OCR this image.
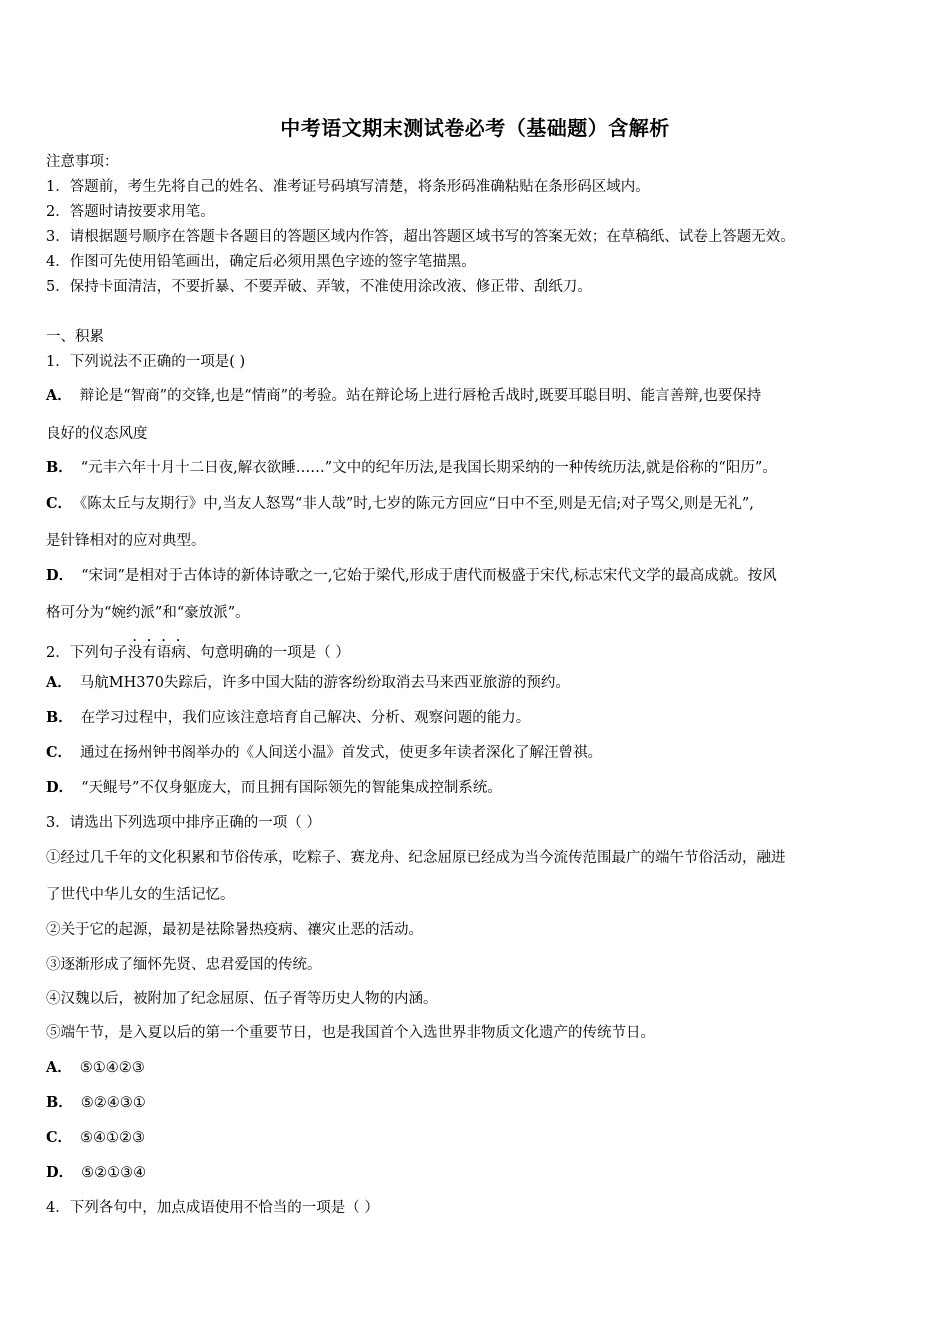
中考语文期末测试卷必考（基础题）含解析
注意事项：
1．答题前，考生先将自己的姓名、准考证号码填写清楚，将条形码准确粘贴在条形码区域内。
2．答题时请按要求用笔。
3．请根据题号顺序在答题卡各题目的答题区域内作答，超出答题区域书写的答案无效；在草稿纸、试卷上答题无效。
4．作图可先使用铅笔画出，确定后必须用黑色字迹的签字笔描黑。
5．保持卡面清洁，不要折暴、不要弄破、弄皱，不准使用涂改液、修正带、刮纸刀。
一、积累
1．下列说法不正确的一项是( )
A． 辩论是“智商”的交锋,也是“情商”的考验。站在辩论场上进行唇枪舌战时,既要耳聪目明、能言善辩,也要保持
良好的仪态风度
B． “元丰六年十月十二日夜,解衣欲睡……”文中的纪年历法,是我国长期采纳的一种传统历法,就是俗称的“阳历”。
C． 《陈太丘与友期行》中,当友人怒骂“非人哉”时,七岁的陈元方回应“日中不至,则是无信;对子骂父,则是无礼”,
是针锋相对的应对典型。
D． “宋词”是相对于古体诗的新体诗歌之一,它始于梁代,形成于唐代而极盛于宋代,标志宋代文学的最高成就。按风
格可分为“婉约派”和“豪放派”。
2．下列句子没有语病、句意明确的一项是（ ）
A． 马航MH370失踪后，许多中国大陆的游客纷纷取消去马来西亚旅游的预约。
B． 在学习过程中，我们应该注意培育自己解决、分析、观察问题的能力。
C． 通过在扬州钟书阁举办的《人间送小温》首发式，使更多年读者深化了解汪曾祺。
D． “天鲲号”不仅身躯庞大，而且拥有国际领先的智能集成控制系统。
3．请选出下列选项中排序正确的一项（ ）
①经过几千年的文化积累和节俗传承，吃粽子、赛龙舟、纪念屈原已经成为当今流传范围最广的端午节俗活动，融进
了世代中华儿女的生活记忆。
②关于它的起源，最初是祛除暑热疫病、禳灾止恶的活动。
③逐渐形成了缅怀先贤、忠君爱国的传统。
④汉魏以后，被附加了纪念屈原、伍子胥等历史人物的内涵。
⑤端午节，是入夏以后的第一个重要节日，也是我国首个入选世界非物质文化遗产的传统节日。
A． ⑤①④②③
B． ⑤②④③①
C． ⑤④①②③
D． ⑤②①③④
4．下列各句中，加点成语使用不恰当的一项是（ ）
